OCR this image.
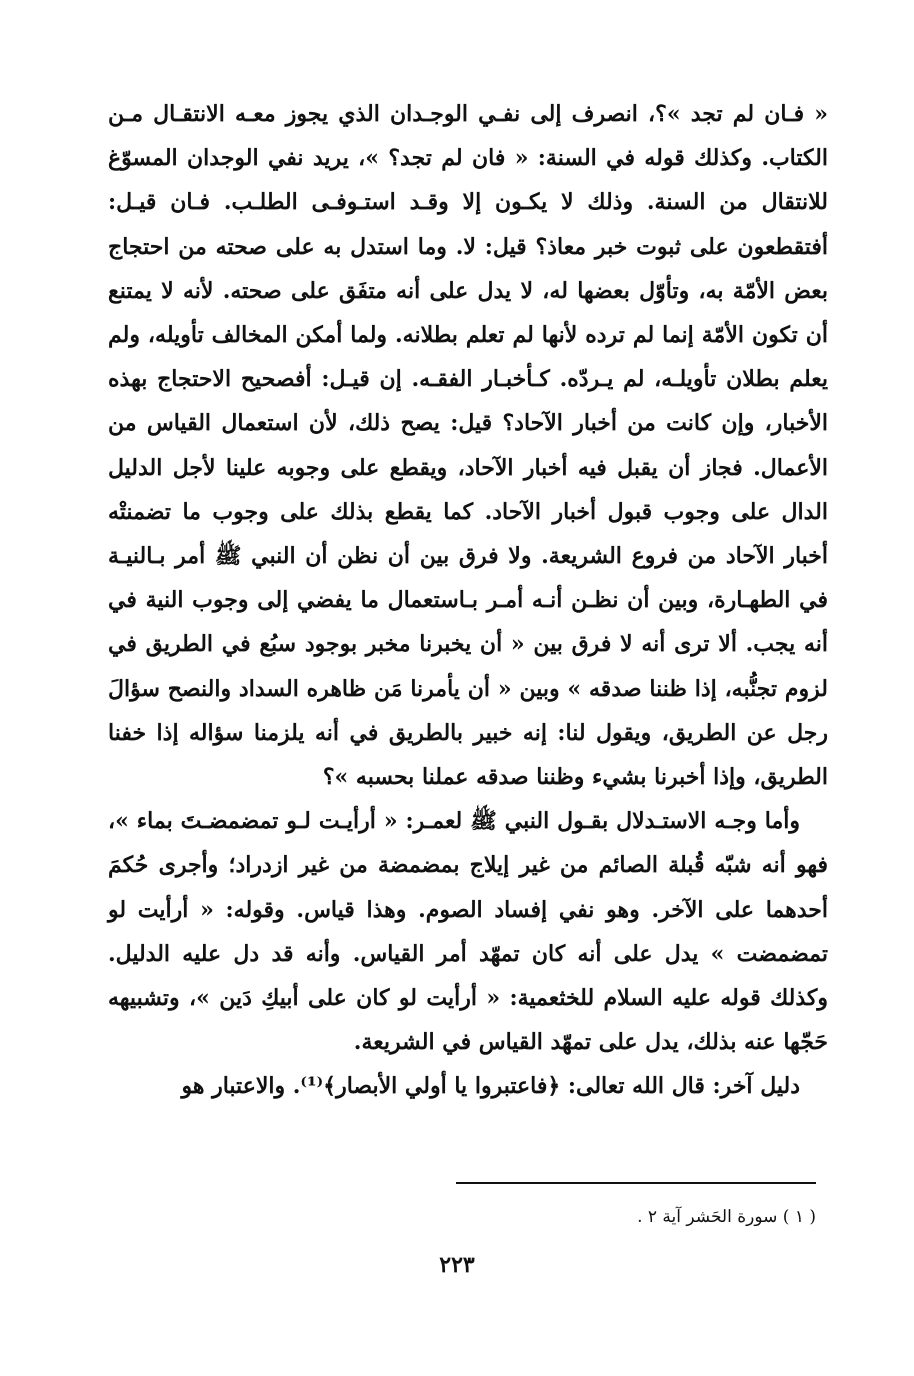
« فـان لم تجد »؟، انصرف إلى نفـي الوجـدان الذي يجوز معـه الانتقـال مـن الكتاب. وكذلك قوله في السنة: « فان لم تجد؟ »، يريد نفي الوجدان المسوّغ للانتقال من السنة. وذلك لا يكـون إلا وقـد استـوفـى الطلـب. فـان قيـل: أفتقطعون على ثبوت خبر معاذ؟ قيل: لا. وما استدل به على صحته من احتجاج بعض الأمّة به، وتأوّل بعضها له، لا يدل على أنه متفَق على صحته. لأنه لا يمتنع أن تكون الأمّة إنما لم ترده لأنها لم تعلم بطلانه. ولما أمكن المخالف تأويله، ولم يعلم بطلان تأويلـه، لم يـردّه. كـأخبـار الفقـه. إن قيـل: أفصحيح الاحتجاج بهذه الأخبار، وإن كانت من أخبار الآحاد؟ قيل: يصح ذلك، لأن استعمال القياس من الأعمال. فجاز أن يقبل فيه أخبار الآحاد، ويقطع على وجوبه علينا لأجل الدليل الدال على وجوب قبول أخبار الآحاد. كما يقطع بذلك على وجوب ما تضمنتْه أخبار الآحاد من فروع الشريعة. ولا فرق بين أن نظن أن النبي ﷺ أمر بـالنيـة في الطهـارة، وبين أن نظـن أنـه أمـر بـاستعمال ما يفضي إلى وجوب النية في أنه يجب. ألا ترى أنه لا فرق بين « أن يخبرنا مخبر بوجود سبُع في الطريق في لزوم تجنُّبه، إذا ظننا صدقه » وبين « أن يأمرنا مَن ظاهره السداد والنصح سؤالَ رجل عن الطريق، ويقول لنا: إنه خبير بالطريق في أنه يلزمنا سؤاله إذا خفنا الطريق، وإذا أخبرنا بشيء وظننا صدقه عملنا بحسبه »؟

وأما وجـه الاستـدلال بقـول النبي ﷺ لعمـر: « أرأيـت لـو تمضمضـتَ بماء »، فهو أنه شبّه قُبلة الصائم من غير إيلاج بمضمضة من غير ازدراد؛ وأجرى حُكمَ أحدهما على الآخر. وهو نفي إفساد الصوم. وهذا قياس. وقوله: « أرأيت لو تمضمضت » يدل على أنه كان تمهّد أمر القياس. وأنه قد دل عليه الدليل. وكذلك قوله عليه السلام للخثعمية: « أرأيت لو كان على أبيكِ دَين »، وتشبيهه حَجّها عنه بذلك، يدل على تمهّد القياس في الشريعة.

دليل آخر: قال الله تعالى: ﴿فاعتبروا يا أولي الأبصار﴾⁽¹⁾. والاعتبار هو

( ١ ) سورة الحَشر آية ٢ .
٢٢٣
